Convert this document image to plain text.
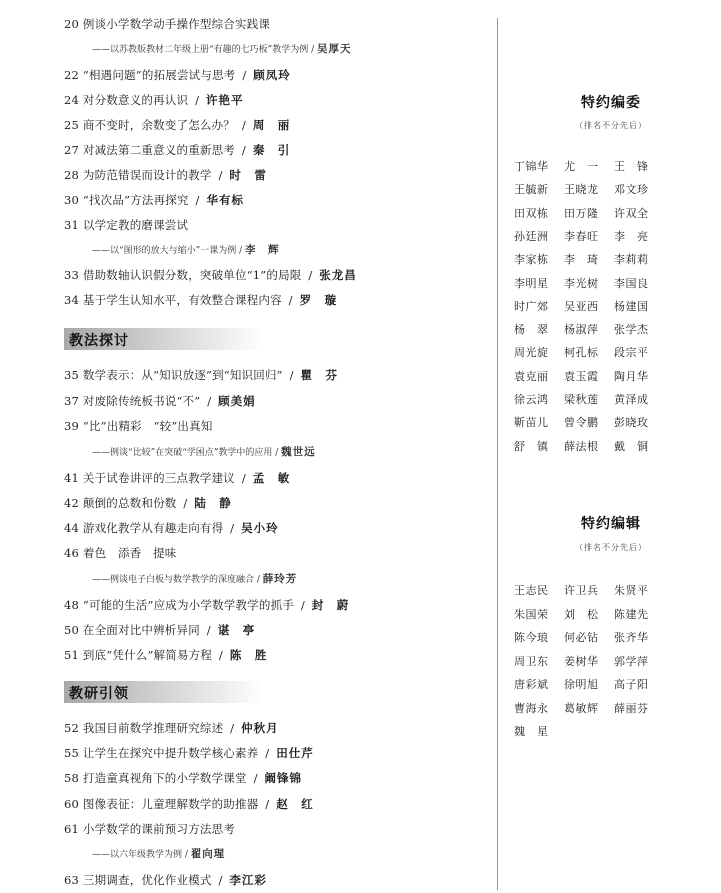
20 例谈小学数学动手操作型综合实践课
——以苏教版教材二年级上册“有趣的七巧板”教学为例 / 吴厚天
22 “相遇问题”的拓展尝试与思考 / 顾凤玲
24 对分数意义的再认识 / 许艳平
25 商不变时，余数变了怎么办？ / 周　丽
27 对减法第二重意义的重新思考 / 秦　引
28 为防范错误而设计的教学 / 时　雷
30 “找次品”方法再探究 / 华有标
31 以学定教的磨课尝试
——以“图形的放大与缩小”一课为例 / 李　辉
33 借助数轴认识假分数，突破单位“1”的局限 / 张龙昌
34 基于学生认知水平，有效整合课程内容 / 罗　璇
教法探讨
35 数学表示：从“知识放逐”到“知识回归” / 瞿　芬
37 对废除传统板书说“不” / 顾美娟
39 “比”出精彩　“较”出真知
——例谈“比较”在突破“学困点”教学中的应用 / 魏世远
41 关于试卷讲评的三点教学建议 / 孟　敏
42 颠倒的总数和份数 / 陆　静
44 游戏化教学从有趣走向有得 / 吴小玲
46 着色　添香　提味
——例谈电子白板与数学教学的深度融合 / 薛玲芳
48 “可能的生活”应成为小学数学教学的抓手 / 封　蔚
50 在全面对比中辨析异同 / 谌　亭
51 到底“凭什么”解简易方程 / 陈　胜
教研引领
52 我国目前数学推理研究综述 / 仲秋月
55 让学生在探究中提升数学核心素养 / 田仕芹
58 打造童真视角下的小学数学课堂 / 阚锋锦
60 图像表征：儿童理解数学的助推器 / 赵　红
61 小学数学的课前预习方法思考
——以六年级教学为例 / 翟向瑆
63 三期调查，优化作业模式 / 李江彩
特约编委
（排名不分先后）
丁锦华 尤　一 王　锋
王毓新 王晓龙 邓文珍
田双栋 田万隆 许双全
孙廷洲 李春旺 李　亮
李家栋 李　琦 李莉莉
李明星 李光树 李国良
时广郊 吴亚西 杨建国
杨　翠 杨淑萍 张学杰
周光旋 柯孔标 段宗平
袁克丽 袁玉霞 陶月华
徐云鸿 梁秋莲 黄泽成
靳苗儿 曾令鹏 彭晓玫
舒　镇 薛法根 戴　铜
特约编辑
（排名不分先后）
王志民 许卫兵 朱贤平
朱国荣 刘　松 陈建先
陈今琅 何必钻 张齐华
周卫东 姜树华 郭学萍
唐彩斌 徐明旭 高子阳
曹海永 葛敏辉 薛丽芬
魏　星
